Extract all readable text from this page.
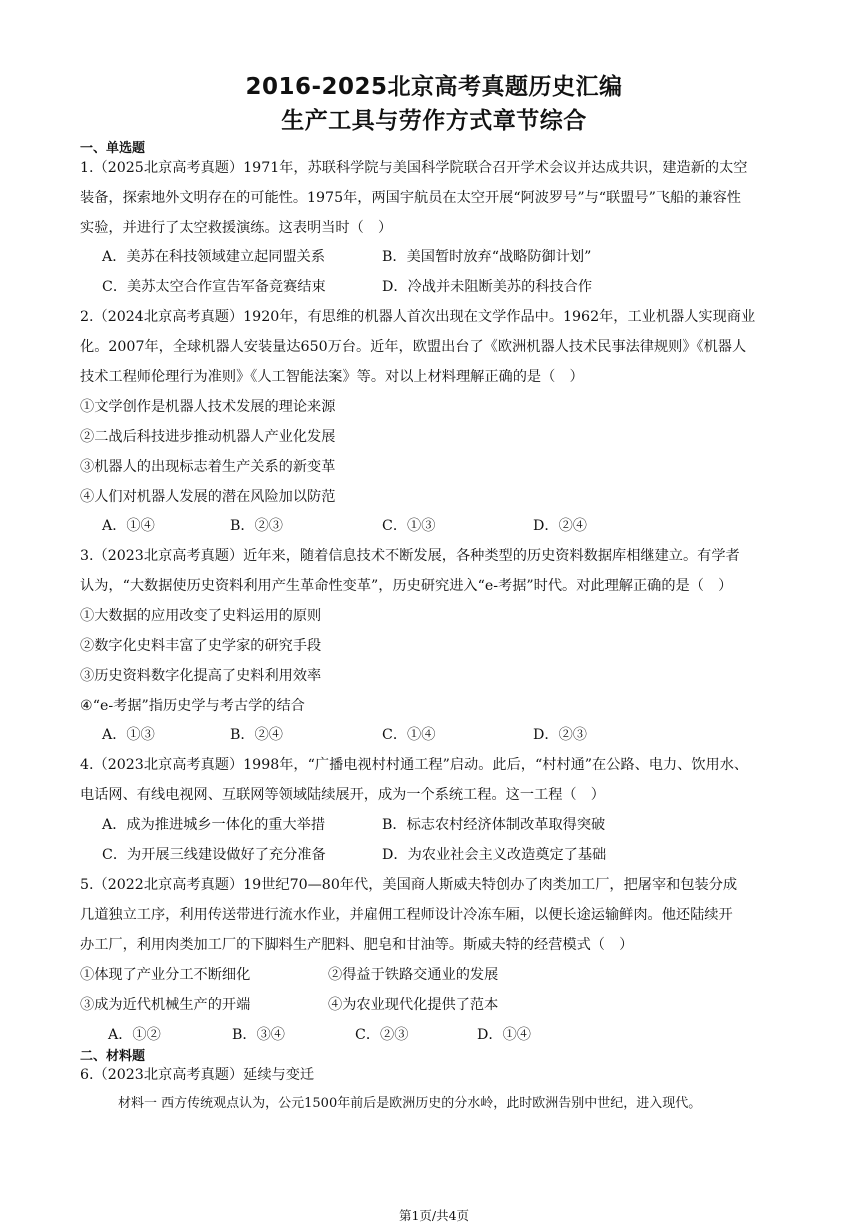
2016-2025北京高考真题历史汇编
生产工具与劳作方式章节综合
一、单选题
1.（2025北京高考真题）1971年，苏联科学院与美国科学院联合召开学术会议并达成共识，建造新的太空
装备，探索地外文明存在的可能性。1975年，两国宇航员在太空开展“阿波罗号”与“联盟号”飞船的兼容性
实验，并进行了太空救援演练。这表明当时（　）
A．美苏在科技领域建立起同盟关系	B．美国暂时放弃“战略防御计划”
C．美苏太空合作宣告军备竞赛结束	D．冷战并未阻断美苏的科技合作
2.（2024北京高考真题）1920年，有思维的机器人首次出现在文学作品中。1962年，工业机器人实现商业
化。2007年，全球机器人安装量达650万台。近年，欧盟出台了《欧洲机器人技术民事法律规则》《机器人
技术工程师伦理行为准则》《人工智能法案》等。对以上材料理解正确的是（　）
①文学创作是机器人技术发展的理论来源
②二战后科技进步推动机器人产业化发展
③机器人的出现标志着生产关系的新变革
④人们对机器人发展的潜在风险加以防范
A．①④	B．②③	C．①③	D．②④
3.（2023北京高考真题）近年来，随着信息技术不断发展，各种类型的历史资料数据库相继建立。有学者
认为，“大数据使历史资料利用产生革命性变革”，历史研究进入“e-考据”时代。对此理解正确的是（　）
①大数据的应用改变了史料运用的原则
②数字化史料丰富了史学家的研究手段
③历史资料数字化提高了史料利用效率
④“e-考据”指历史学与考古学的结合
A．①③	B．②④	C．①④	D．②③
4.（2023北京高考真题）1998年，“广播电视村村通工程”启动。此后，“村村通”在公路、电力、饮用水、
电话网、有线电视网、互联网等领域陆续展开，成为一个系统工程。这一工程（　）
A．成为推进城乡一体化的重大举措	B．标志农村经济体制改革取得突破
C．为开展三线建设做好了充分准备	D．为农业社会主义改造奠定了基础
5.（2022北京高考真题）19世纪70—80年代，美国商人斯威夫特创办了肉类加工厂，把屠宰和包装分成
几道独立工序，利用传送带进行流水作业，并雇佣工程师设计冷冻车厢，以便长途运输鲜肉。他还陆续开
办工厂，利用肉类加工厂的下脚料生产肥料、肥皂和甘油等。斯威夫特的经营模式（　）
①体现了产业分工不断细化	②得益于铁路交通业的发展
③成为近代机械生产的开端	④为农业现代化提供了范本
A．①②	B．③④	C．②③	D．①④
二、材料题
6.（2023北京高考真题）延续与变迁
材料一 西方传统观点认为，公元1500年前后是欧洲历史的分水岭，此时欧洲告别中世纪，进入现代。
第1页/共4页
